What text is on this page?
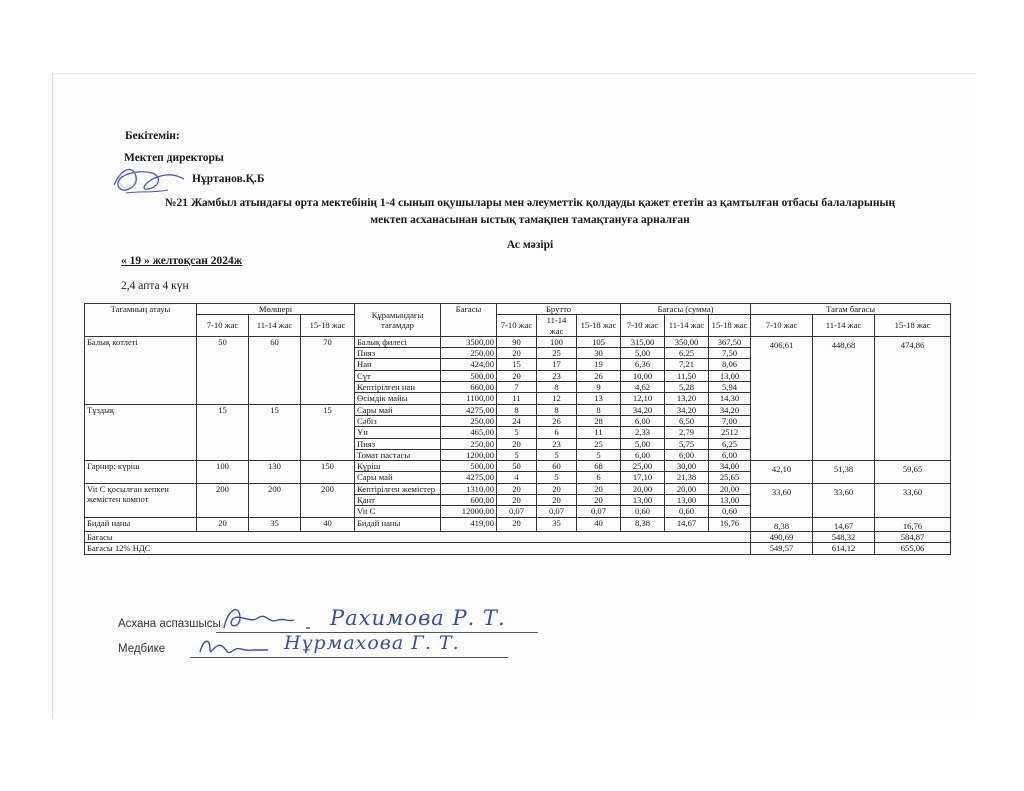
Бекітемін:
Мектеп директоры
Нұртанов.Қ.Б
№21 Жамбыл атындағы орта мектебінің 1-4 сынып оқушылары мен әлеуметтік қолдауды қажет ететін аз қамтылған отбасы балаларының
мектеп асханасынан ыстық тамақпен тамақтануға арналған
Ас мәзірі
« 19 » желтоқсан 2024ж
2,4 апта 4 күн
Тағамның атауы	Мөлшері			Құрамындағы тағамдар	Бағасы	Брутто			Бағасы (сумма)			Тағам бағасы		
	7-10 жас	11-14 жас	15-18 жас			7-10 жас	11-14 жас	15-18 жас	7-10 жас	11-14 жас	15-18 жас	7-10 жас	11-14 жас	15-18 жас
Балық котлеті	50	60	70	Балық филесі	3500,00	90	100	105	315,00	350,00	367,50	406,61	448,68	474,86
				Пияз	250,00	20	25	30	5,00	6,25	7,50			
				Нан	424,00	15	17	19	6,36	7,21	8,06			
				Сүт	500,00	20	23	26	10,00	11,50	13,00			
				Кептірілген нан	660,00	7	8	9	4,62	5,28	5,94			
				Өсімдік майы	1100,00	11	12	13	12,10	13,20	14,30			
Тұздық	15	15	15	Сары май	4275,00	8	8	8	34,20	34,20	34,20			
				Сәбіз	250,00	24	26	28	6,00	6,50	7,00			
				Ұн	465,00	5	6	11	2,33	2,79	2512			
				Пияз	250,00	20	23	25	5,00	5,75	6,25			
				Томат пастасы	1200,00	5	5	5	6,00	6,00	6,00			
Гарнир: күріш	100	130	150	Күріш	500,00	50	60	68	25,00	30,00	34,00	42,10	51,38	59,65
				Сары май	4275,00	4	5	6	17,10	21,38	25,65			
Vit C қосылған кепкен жемістен компот	200	200	200	Кептірілген жемістер	1310,00	20	20	20	20,00	20,00	20,00	33,60	33,60	33,60
				Қант	600,00	20	20	20	13,00	13,00	13,00			
				Vit C	12000,00	0,07	0,07	0,07	0,60	0,60	0,60			
Бидай наны	20	35	40	Бидай наны	419,00	20	35	40	8,38	14,67	16,76	8,38	14,67	16,76
Бағасы												490,69	548,32	584,87
Бағасы 12% НДС												549,57	614,12	655,06
Асхана аспазшысы	Рахимова Р. Т.
Медбике	Нұрмахова Г. Т.
